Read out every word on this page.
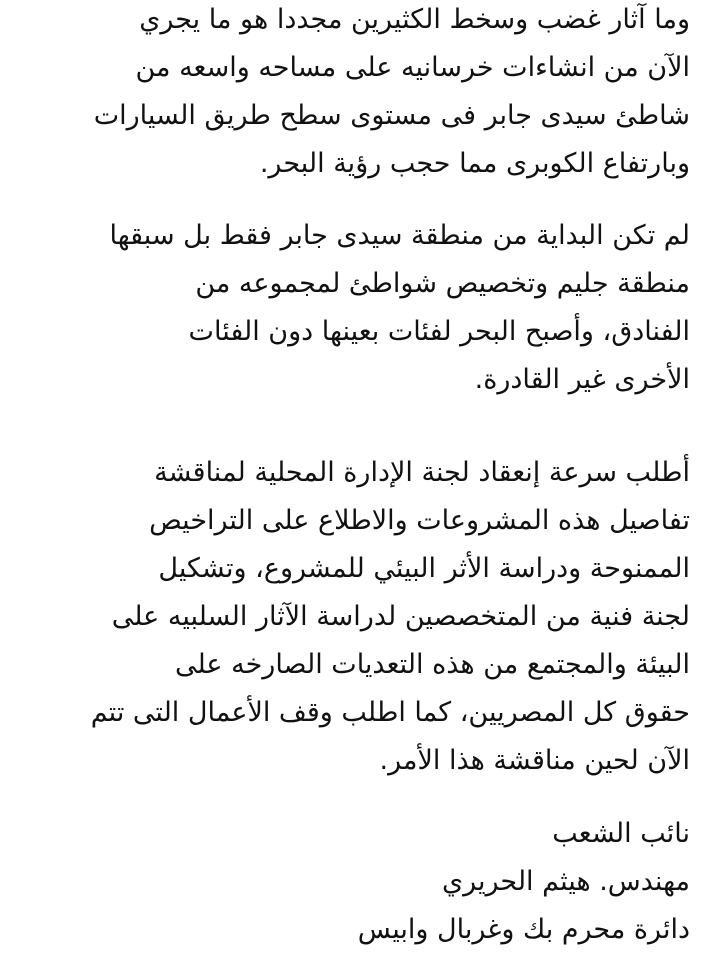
وما آثار غضب وسخط الكثيرين مجددا هو ما يجري
الآن من انشاءات خرسانيه على مساحه واسعه من
شاطئ سيدى جابر فى مستوى سطح طريق السيارات
وبارتفاع الكوبرى مما حجب رؤية البحر.
لم تكن البداية من منطقة سيدى جابر فقط بل سبقها
منطقة جليم وتخصيص شواطئ لمجموعه من
الفنادق، وأصبح البحر لفئات بعينها دون الفئات
الأخرى غير القادرة.
أطلب سرعة إنعقاد لجنة الإدارة المحلية لمناقشة
تفاصيل هذه المشروعات والاطلاع على التراخيص
الممنوحة ودراسة الأثر البيئي للمشروع، وتشكيل
لجنة فنية من المتخصصين لدراسة الآثار السلبيه على
البيئة والمجتمع من هذه التعديات الصارخه على
حقوق كل المصريين، كما اطلب وقف الأعمال التى تتم
الآن لحين مناقشة هذا الأمر.
نائب الشعب
مهندس. هيثم الحريري
دائرة محرم بك وغربال وابيس
